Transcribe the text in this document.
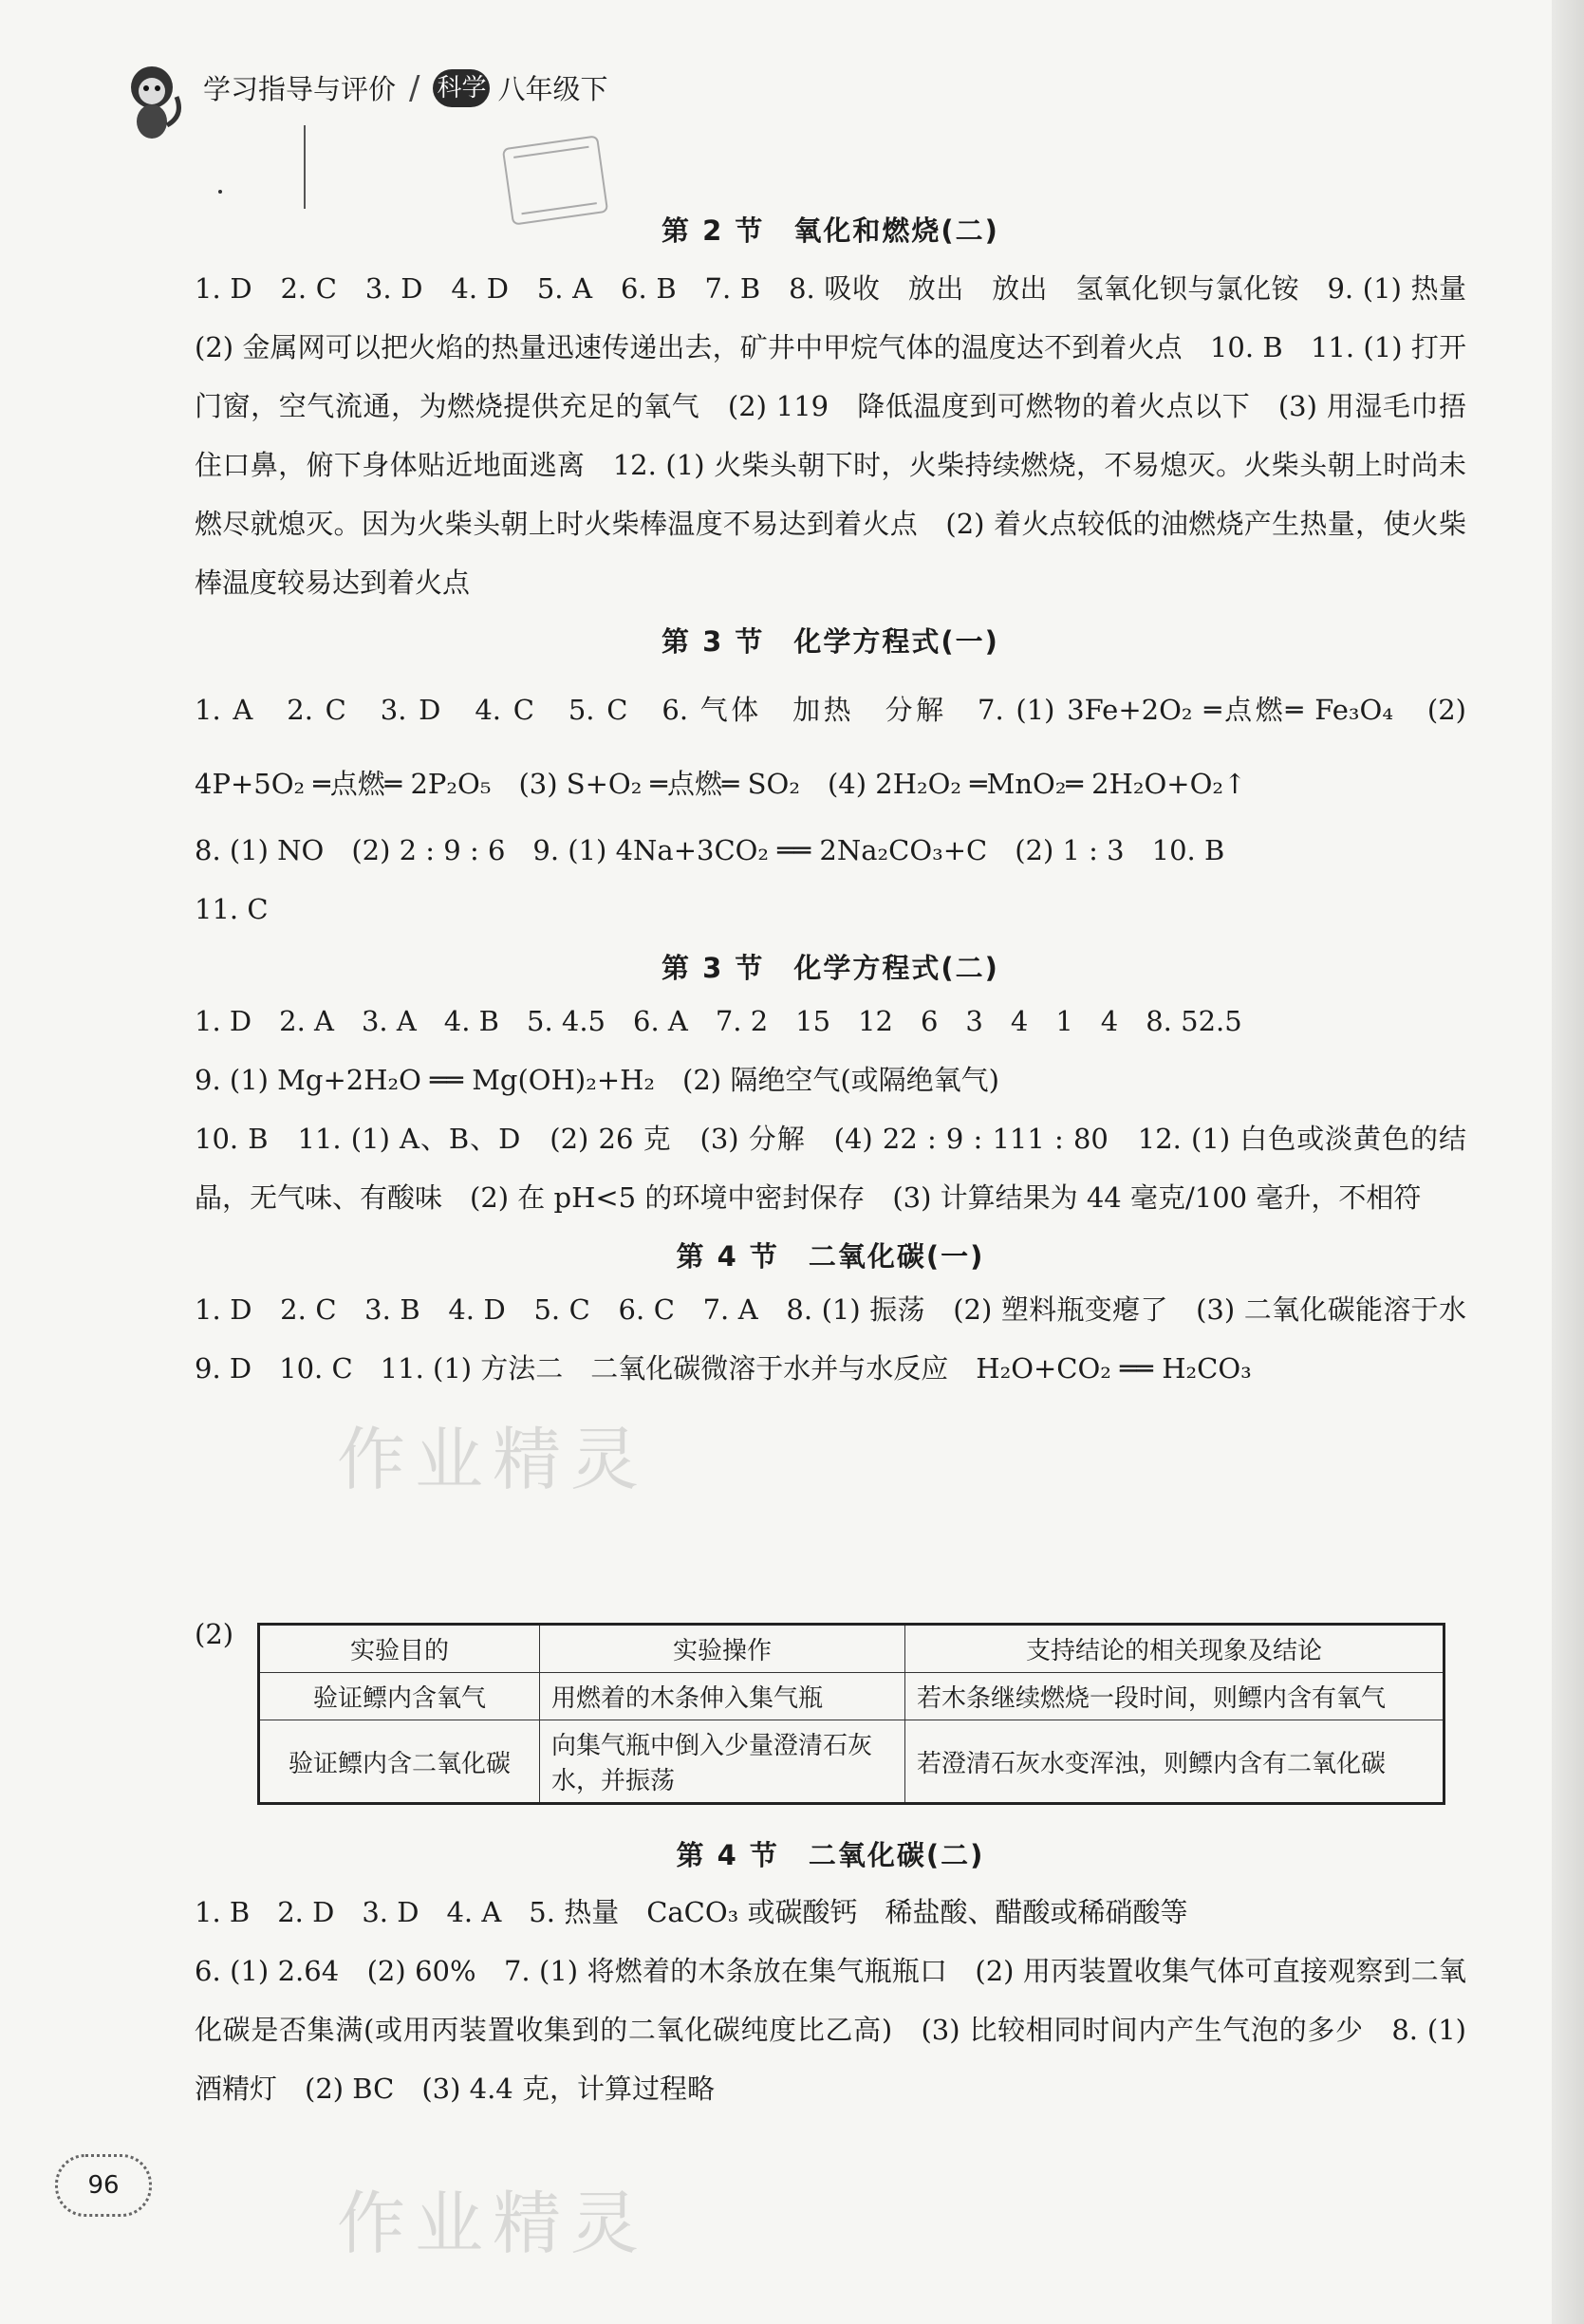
学习指导与评价 / 科学 八年级下
第 2 节　氧化和燃烧(二)
1. D　2. C　3. D　4. D　5. A　6. B　7. B　8. 吸收　放出　放出　氢氧化钡与氯化铵　9. (1) 热量　(2) 金属网可以把火焰的热量迅速传递出去，矿井中甲烷气体的温度达不到着火点　10. B　11. (1) 打开门窗，空气流通，为燃烧提供充足的氧气　(2) 119　降低温度到可燃物的着火点以下　(3) 用湿毛巾捂住口鼻，俯下身体贴近地面逃离　12. (1) 火柴头朝下时，火柴持续燃烧，不易熄灭。火柴头朝上时尚未燃尽就熄灭。因为火柴头朝上时火柴棒温度不易达到着火点　(2) 着火点较低的油燃烧产生热量，使火柴棒温度较易达到着火点
第 3 节　化学方程式(一)
1. A　2. C　3. D　4. C　5. C　6. 气体　加热　分解　7. (1) 3Fe+2O₂ ═点燃═ Fe₃O₄　(2) 4P+5O₂ ═点燃═ 2P₂O₅　(3) S+O₂ ═点燃═ SO₂　(4) 2H₂O₂ ═MnO₂═ 2H₂O+O₂↑
8. (1) NO　(2) 2 : 9 : 6　9. (1) 4Na+3CO₂ ══ 2Na₂CO₃+C　(2) 1 : 3　10. B
11. C
第 3 节　化学方程式(二)
1. D　2. A　3. A　4. B　5. 4.5　6. A　7. 2　15　12　6　3　4　1　4　8. 52.5
9. (1) Mg+2H₂O ══ Mg(OH)₂+H₂　(2) 隔绝空气(或隔绝氧气)
10. B　11. (1) A、B、D　(2) 26 克　(3) 分解　(4) 22 : 9 : 111 : 80　12. (1) 白色或淡黄色的结晶，无气味、有酸味　(2) 在 pH<5 的环境中密封保存　(3) 计算结果为 44 毫克/100 毫升，不相符
第 4 节　二氧化碳(一)
1. D　2. C　3. B　4. D　5. C　6. C　7. A　8. (1) 振荡　(2) 塑料瓶变瘪了　(3) 二氧化碳能溶于水　9. D　10. C　11. (1) 方法二　二氧化碳微溶于水并与水反应　H₂O+CO₂ ══ H₂CO₃
(2)
实验目的	实验操作	支持结论的相关现象及结论
验证鳔内含氧气	用燃着的木条伸入集气瓶	若木条继续燃烧一段时间，则鳔内含有氧气
验证鳔内含二氧化碳	向集气瓶中倒入少量澄清石灰水，并振荡	若澄清石灰水变浑浊，则鳔内含有二氧化碳
第 4 节　二氧化碳(二)
1. B　2. D　3. D　4. A　5. 热量　CaCO₃ 或碳酸钙　稀盐酸、醋酸或稀硝酸等
6. (1) 2.64　(2) 60%　7. (1) 将燃着的木条放在集气瓶瓶口　(2) 用丙装置收集气体可直接观察到二氧化碳是否集满(或用丙装置收集到的二氧化碳纯度比乙高)　(3) 比较相同时间内产生气泡的多少　8. (1) 酒精灯　(2) BC　(3) 4.4 克，计算过程略
作业精灵
作业精灵
96
